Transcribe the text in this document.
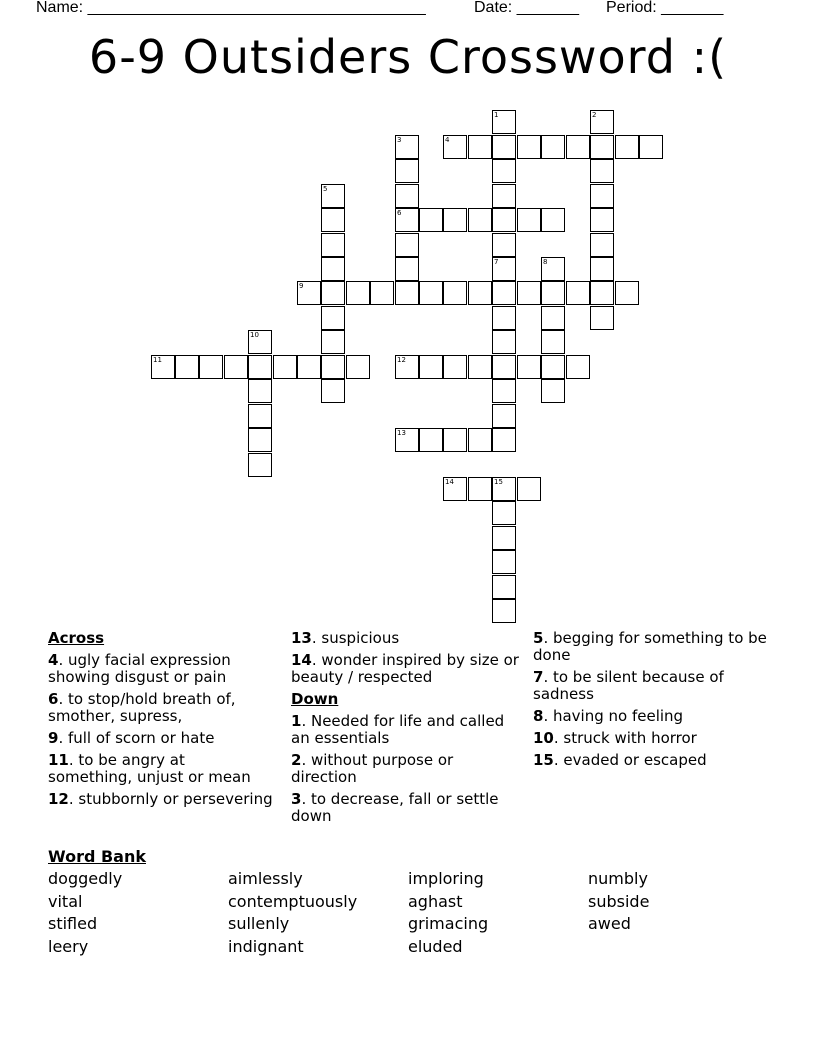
Name: ______________________________________	Date: _______ Period: _______
6-9 Outsiders Crossword :(
1	2
3
6
4
5
7	8
9
10
11	12
13
14	15
Across
4. ugly facial expression showing disgust or pain
6. to stop/hold breath of, smother, supress,
9. full of scorn or hate
11. to be angry at something, unjust or mean
12. stubbornly or persevering
13. suspicious
14. wonder inspired by size or beauty / respected
Down
1. Needed for life and called an essentials
2. without purpose or direction
3. to decrease, fall or settle down
5. begging for something to be done
7. to be silent because of sadness
8. having no feeling
10. struck with horror
15. evaded or escaped
Word Bank
doggedly
vital
stifled
leery
aimlessly
contemptuously
sullenly
indignant
imploring
aghast
grimacing
eluded
numbly
subside
awed
